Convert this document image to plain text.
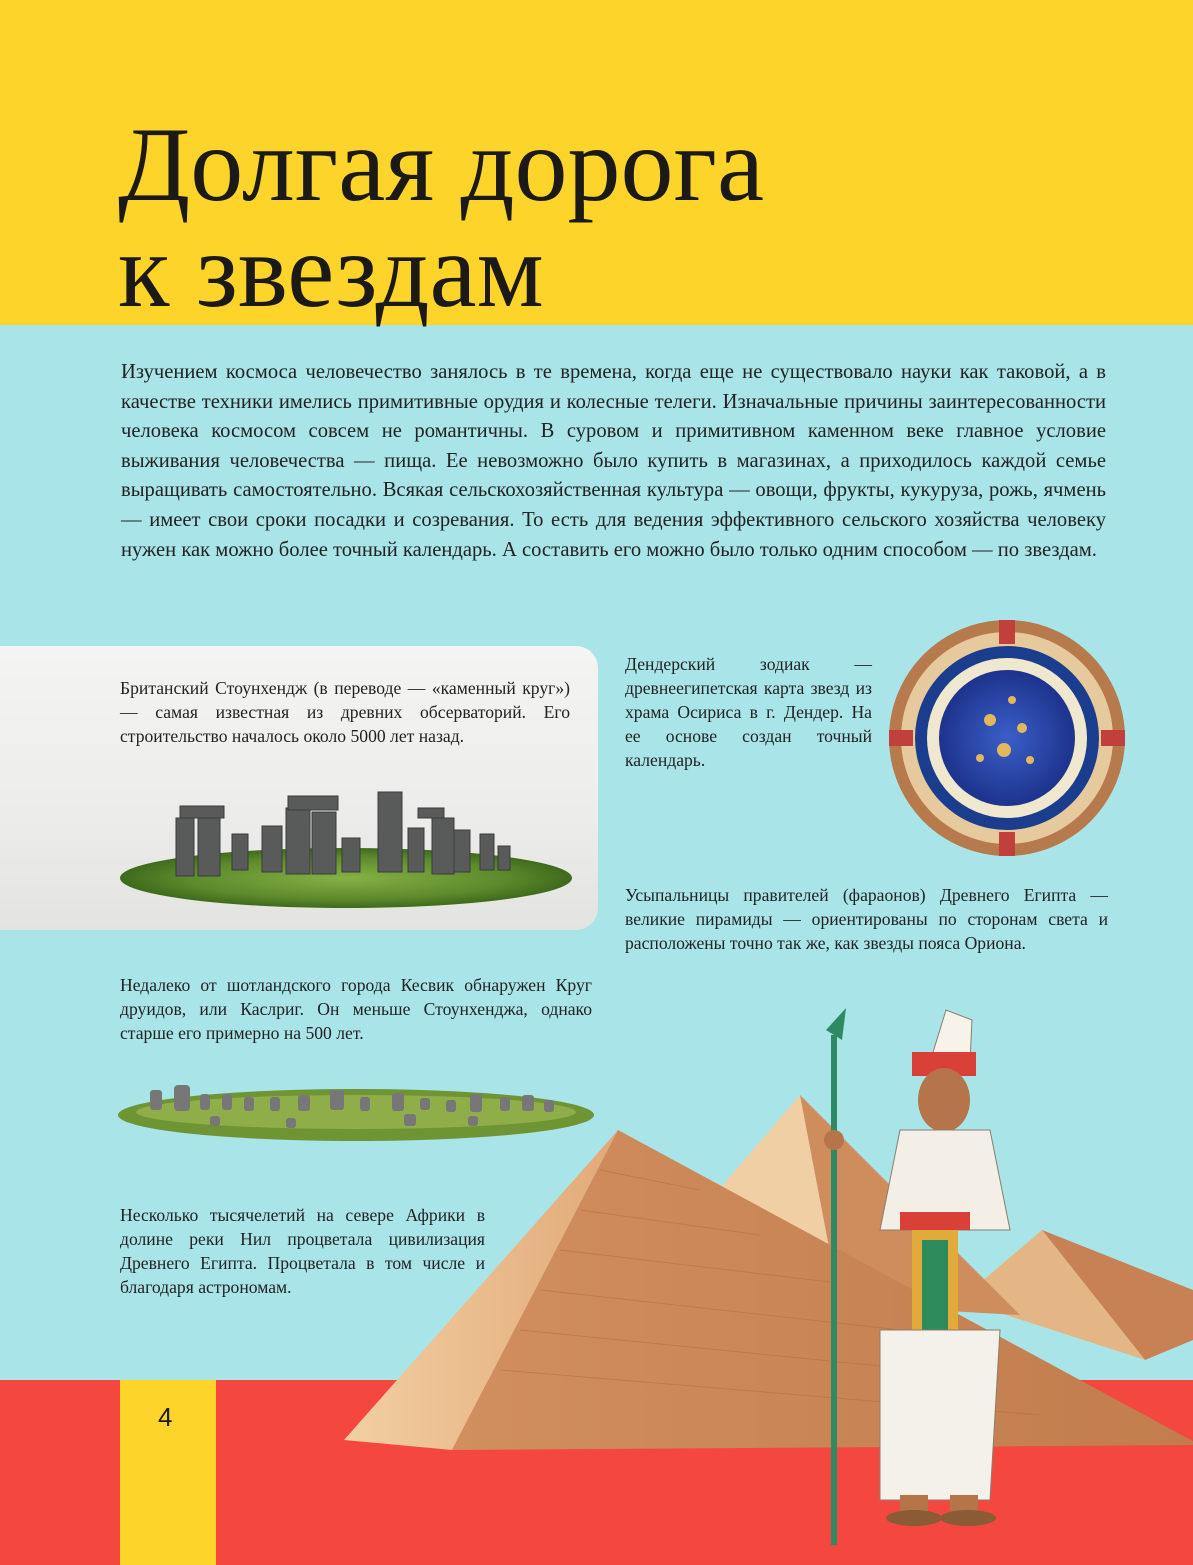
Долгая дорога
к звездам

Изучением космоса человечество занялось в те времена, когда еще не существовало науки как таковой, а в качестве техники имелись примитивные орудия и колесные телеги. Изначальные причины заинтересованности человека космосом совсем не романтичны. В суровом и примитивном каменном веке главное условие выживания человечества — пища. Ее невозможно было купить в магазинах, а приходилось каждой семье выращивать самостоятельно. Всякая сельскохозяйственная культура — овощи, фрукты, кукуруза, рожь, ячмень — имеет свои сроки посадки и созревания. То есть для ведения эффективного сельского хозяйства человеку нужен как можно более точный календарь. А составить его можно было только одним способом — по звездам.

4

Британский Стоунхендж (в переводе — «каменный круг») — самая известная из древних обсерваторий. Его строительство началось около 5000 лет назад.

Дендерский зодиак — древнеегипетская карта звезд из храма Осириса в г. Дендер. На ее основе создан точный календарь.

Усыпальницы правителей (фараонов) Древнего Египта — великие пирамиды — ориентированы по сторонам света и расположены точно так же, как звезды пояса Ориона.

Недалеко от шотландского города Кесвик обнаружен Круг друидов, или Каслриг. Он меньше Стоунхенджа, однако старше его примерно на 500 лет.

Несколько тысячелетий на севере Африки в долине реки Нил процветала цивилизация Древнего Египта. Процветала в том числе и благодаря астрономам.
